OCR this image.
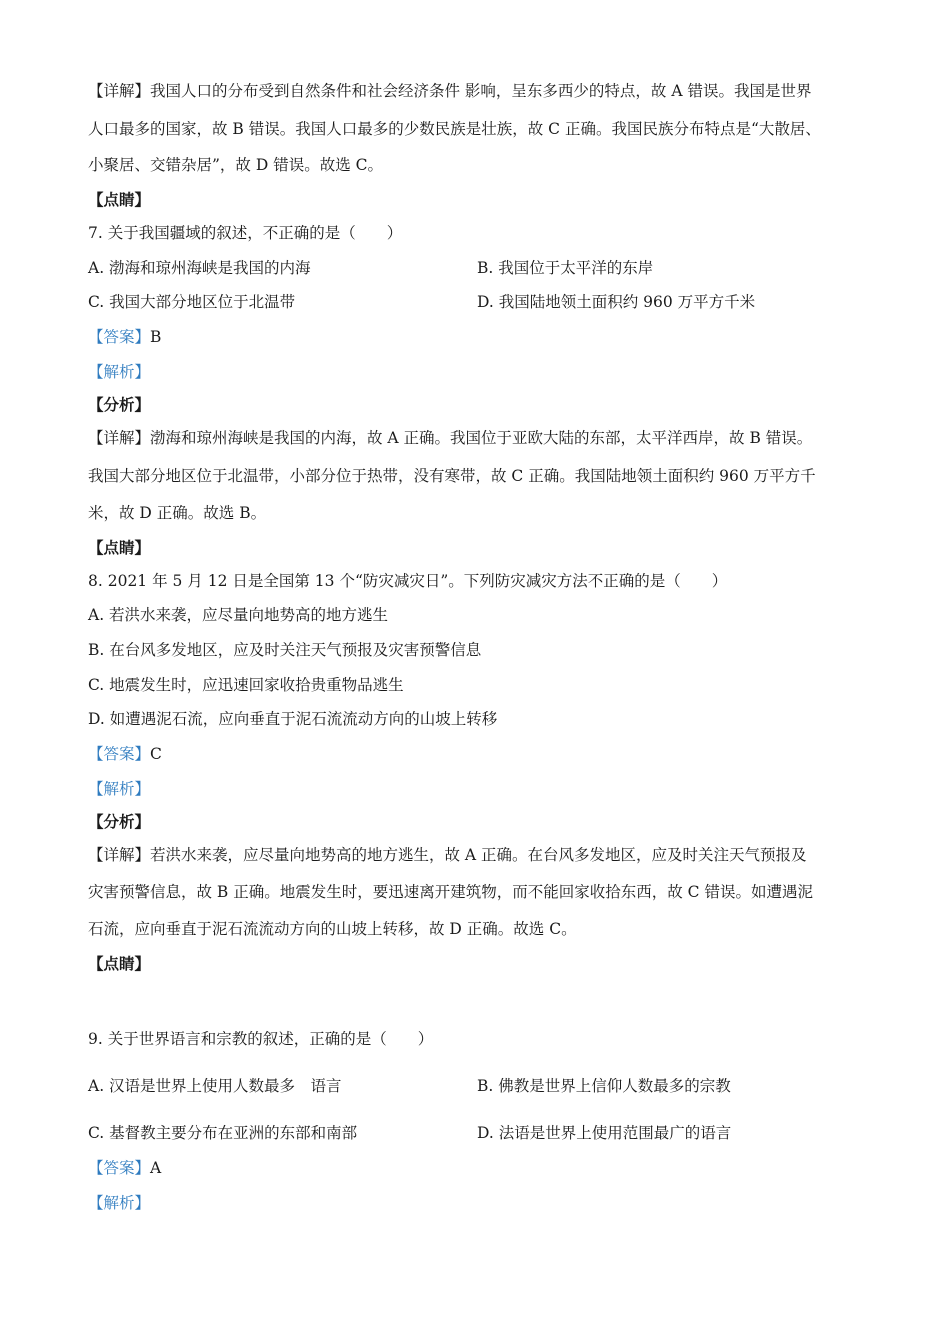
【详解】我国人口的分布受到自然条件和社会经济条件 影响，呈东多西少的特点，故 A 错误。我国是世界
人口最多的国家，故 B 错误。我国人口最多的少数民族是壮族，故 C 正确。我国民族分布特点是“大散居、
小聚居、交错杂居”，故 D 错误。故选 C。
【点睛】
7. 关于我国疆域的叙述，不正确的是（　　）
A. 渤海和琼州海峡是我国的内海	B. 我国位于太平洋的东岸
C. 我国大部分地区位于北温带	D. 我国陆地领土面积约 960 万平方千米
【答案】B
【解析】
【分析】
【详解】渤海和琼州海峡是我国的内海，故 A 正确。我国位于亚欧大陆的东部，太平洋西岸，故 B 错误。
我国大部分地区位于北温带，小部分位于热带，没有寒带，故 C 正确。我国陆地领土面积约 960 万平方千
米，故 D 正确。故选 B。
【点睛】
8. 2021 年 5 月 12 日是全国第 13 个“防灾减灾日”。下列防灾减灾方法不正确的是（　　）
A. 若洪水来袭，应尽量向地势高的地方逃生
B. 在台风多发地区，应及时关注天气预报及灾害预警信息
C. 地震发生时，应迅速回家收拾贵重物品逃生
D. 如遭遇泥石流，应向垂直于泥石流流动方向的山坡上转移
【答案】C
【解析】
【分析】
【详解】若洪水来袭，应尽量向地势高的地方逃生，故 A 正确。在台风多发地区，应及时关注天气预报及
灾害预警信息，故 B 正确。地震发生时，要迅速离开建筑物，而不能回家收拾东西，故 C 错误。如遭遇泥
石流，应向垂直于泥石流流动方向的山坡上转移，故 D 正确。故选 C。
【点睛】
9. 关于世界语言和宗教的叙述，正确的是（　　）
A. 汉语是世界上使用人数最多　语言	B. 佛教是世界上信仰人数最多的宗教
C. 基督教主要分布在亚洲的东部和南部	D. 法语是世界上使用范围最广的语言
【答案】A
【解析】
